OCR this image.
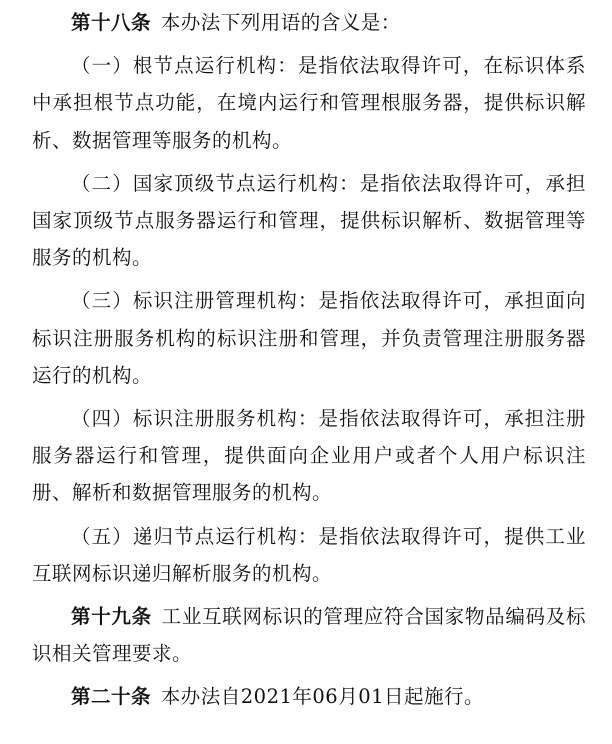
第十八条 本办法下列用语的含义是：

（一）根节点运行机构：是指依法取得许可，在标识体系中承担根节点功能，在境内运行和管理根服务器，提供标识解析、数据管理等服务的机构。

（二）国家顶级节点运行机构：是指依法取得许可，承担国家顶级节点服务器运行和管理，提供标识解析、数据管理等服务的机构。

（三）标识注册管理机构：是指依法取得许可，承担面向标识注册服务机构的标识注册和管理，并负责管理注册服务器运行的机构。

（四）标识注册服务机构：是指依法取得许可，承担注册服务器运行和管理，提供面向企业用户或者个人用户标识注册、解析和数据管理服务的机构。

（五）递归节点运行机构：是指依法取得许可，提供工业互联网标识递归解析服务的机构。

第十九条 工业互联网标识的管理应符合国家物品编码及标识相关管理要求。

第二十条 本办法自2021年06月01日起施行。
